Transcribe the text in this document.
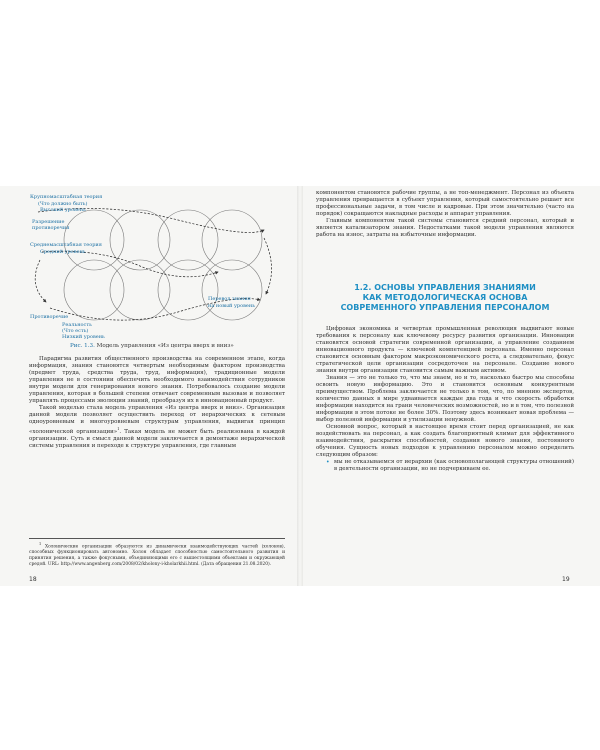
Крупномасштабная теория
(Что должно быть)
Высокий уровень
Разрешение
противоречия
Среднемасштабная теория
Средний уровень
Перевод знания
на новый уровень
Противоречие
Реальность
(Что есть)
Низкий уровень
Рис. 1.3. Модель управления «Из центра вверх и вниз»

Парадигма развития общественного производства на современном этапе, когда информация, знания становятся четвертым необходимым фактором производства (предмет труда, средства труда, труд, информация), традиционные модели управления не в состоянии обеспечить необходимого взаимодействия сотрудников внутри модели для генерирования нового знания. Потребовалось создание модели управления, которая в большей степени отвечает современным вызовам и позволяет управлять процессами эволюции знаний, преобразуя их в инновационный продукт.

Такой моделью стала модель управления «Из центра вверх и вниз». Организация данной модели позволяет осуществить переход от иерархических к сетевым одноуровневым и многоуровневым структурам управления, выдвигая принцип «холонической организации»$^1$. Такая модель не может быть реализована в каждой организации. Суть и смысл данной модели заключается в демонтаже иерархической системы управления и переходе к структуре управления, где главным

$^1$ Холонические организации образуются из динамически взаимодействующих частей (холонов), способных функционировать автономно. Холон обладает способностью самостоятельного развития и принятия решения, а также фокусными, объединяющими его с вышестоящими объектами и окружающей средой. URL: http://www.angenberg.com/2008/02/kholony-i-kholarkhii.html. (Дата обращения 21.08.2020).

18

компонентом становятся рабочие группы, а не топ-менеджмент. Персонал из объекта управления превращается в субъект управления, который самостоятельно решает все профессиональные задачи, в том числе и кадровые. При этом значительно (часто на порядок) сокращаются накладные расходы и аппарат управления.

Главным компонентом такой системы становится средний персонал, который и является катализатором знания. Недостатками такой модели управления являются работа на износ, затраты на избыточные информации.

1.2. ОСНОВЫ УПРАВЛЕНИЯ ЗНАНИЯМИ
КАК МЕТОДОЛОГИЧЕСКАЯ ОСНОВА
СОВРЕМЕННОГО УПРАВЛЕНИЯ ПЕРСОНАЛОМ

Цифровая экономика и четвертая промышленная революция выдвигают новые требования к персоналу как ключевому ресурсу развития организации. Инновации становятся основой стратегии современной организации, а управление созданием инновационного продукта — ключевой компетенцией персонала. Именно персонал становится основным фактором макроэкономического роста, а следовательно, фокус стратегической цели организации сосредоточен на персонале. Создание нового знания внутри организации становится самым важным активом.

Знания — это не только то, что мы знаем, но и то, насколько быстро мы способны освоить новую информацию. Это и становится основным конкурентным преимуществом. Проблема заключается не только в том, что, по мнению экспертов, количество данных в мире удваивается каждые два года и что скорость обработки информации находится на грани человеческих возможностей, но и в том, что полезной информации в этом потоке не более 30%. Поэтому здесь возникает новая проблема — выбор полезной информации и утилизации ненужной.

Основной вопрос, который в настоящее время стоит перед организацией, не как воздействовать на персонал, а как создать благоприятный климат для эффективного взаимодействия, раскрытия способностей, создания нового знания, постоянного обучения. Сущность новых подходов к управлению персоналом можно определить следующим образом:

• мы не отказываемся от иерархии (как основополагающей структуры отношений) в деятельности организации, но не подчеркиваем ее.

19
